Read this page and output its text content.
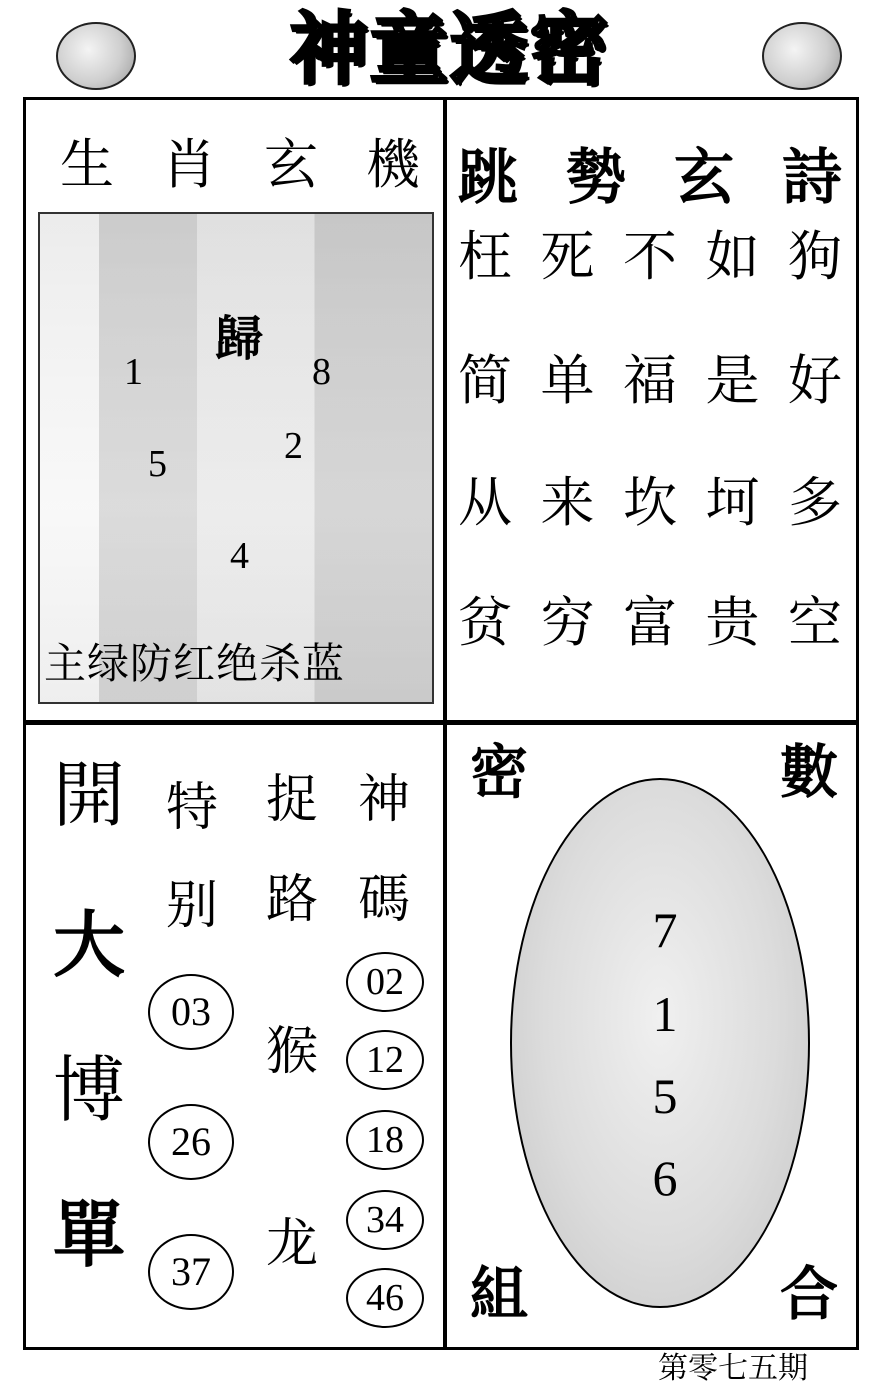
神童透密
生 肖 玄 機
歸
1	8
5	2
4
主绿防红绝杀蓝
跳 勢 玄 詩
枉 死 不 如 狗
简 单 福 是 好
从 来 坎 坷 多
贫 穷 富 贵 空
開
大
博
單
特
别
捉
路
神
碼
03
26
37
猴
龙
02
12
18
34
46
密	數
組	合
7
1
5
6
第零七五期
